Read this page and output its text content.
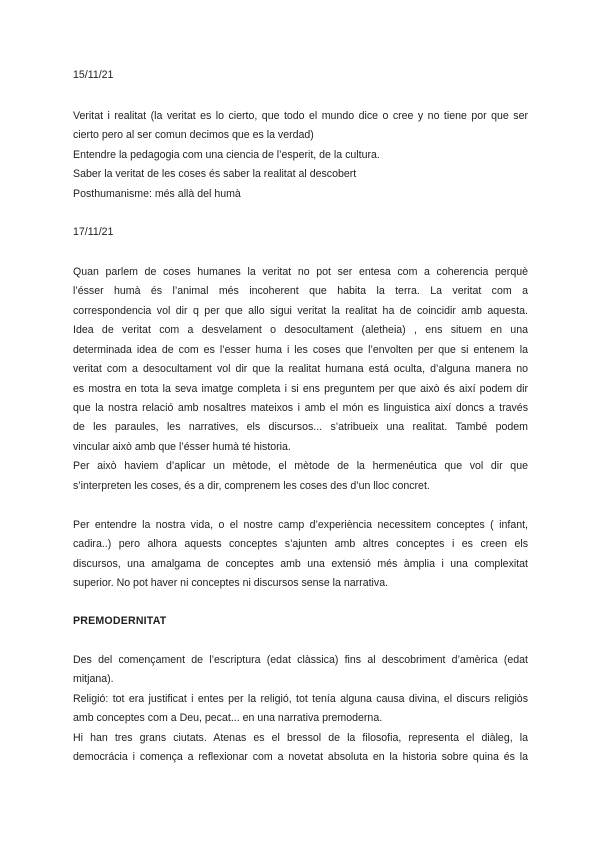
15/11/21

Veritat i realitat (la veritat es lo cierto, que todo el mundo dice o cree y no tiene por que ser

cierto pero al ser comun decimos que es la verdad)

Entendre la pedagogia com una ciencia de l’esperit, de la cultura.

Saber la veritat de les coses és saber la realitat al descobert

Posthumanisme: més allà del humà

17/11/21

Quan parlem de coses humanes la veritat no pot ser entesa com a coherencia perquè

l’ésser humà és l’animal més incoherent que habita la terra. La veritat com a

correspondencia vol dir q per que allo sigui veritat la realitat ha de coincidir amb aquesta.

Idea de veritat com a desvelament o desocultament (aletheia) , ens situem en una

determinada idea de com es l’esser huma i les coses que l’envolten per que si entenem la

veritat com a desocultament vol dir que la realitat humana está oculta, d’alguna manera no

es mostra en tota la seva imatge completa i si ens preguntem per que això és així podem dir

que la nostra relació amb nosaltres mateixos i amb el món es linguistica així doncs a través

de les paraules, les narratives, els discursos... s’atribueix una realitat. També podem

vincular això amb que l’ésser humà té historia.

Per això haviem d’aplicar un mètode, el mètode de la hermenéutica que vol dir que

s’interpreten les coses, és a dir, comprenem les coses des d’un lloc concret.

Per entendre la nostra vida, o el nostre camp d’experiència necessitem conceptes ( infant,

cadira..) pero alhora aquests conceptes s’ajunten amb altres conceptes i es creen els

discursos, una amalgama de conceptes amb una extensió més àmplia i una complexitat

superior. No pot haver ni conceptes ni discursos sense la narrativa.

PREMODERNITAT

Des del començament de l’escriptura (edat clàssica) fins al descobriment d’amèrica (edat

mitjana).

Religió: tot era justificat i entes per la religió, tot tenía alguna causa divina, el discurs religiòs

amb conceptes com a Deu, pecat... en una narrativa premoderna.

Hi han tres grans ciutats. Atenas es el bressol de la filosofia, representa el diàleg, la

democrácia i comença a reflexionar com a novetat absoluta en la historia sobre quina és la
